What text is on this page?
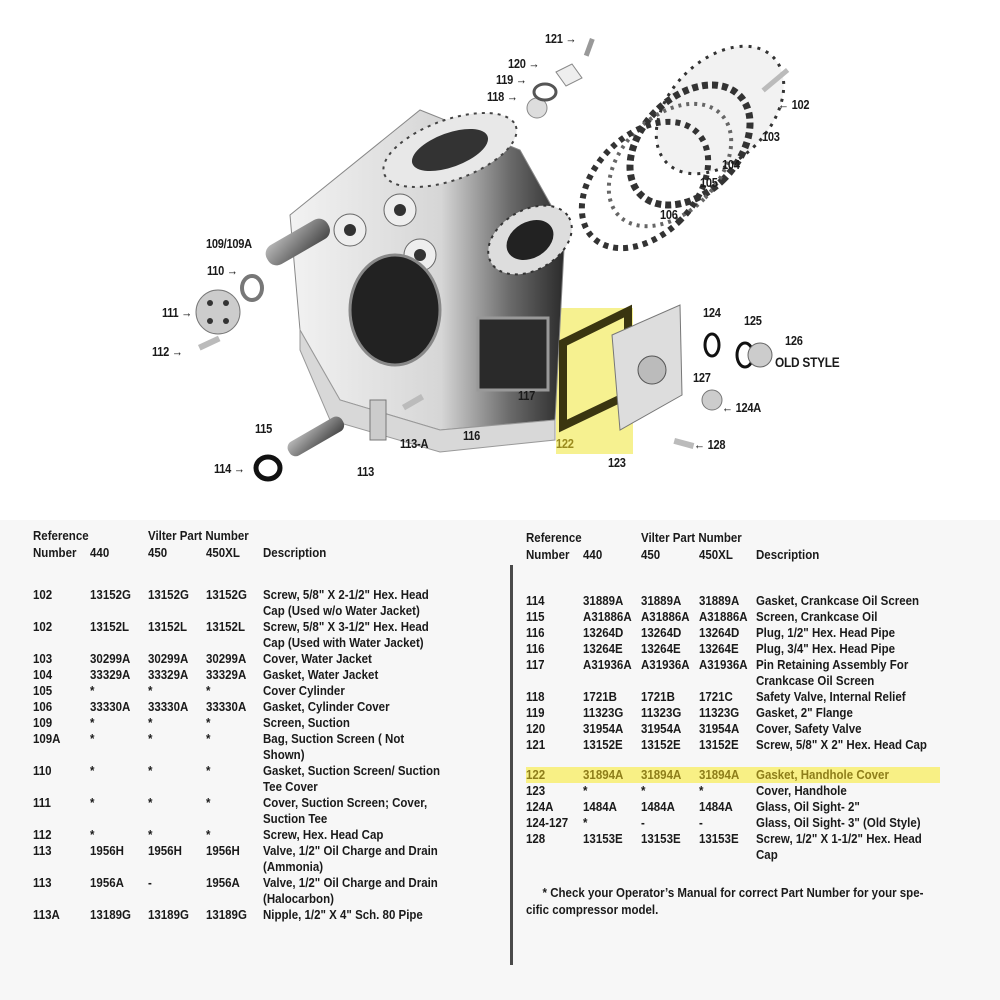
121 →
120 →
119 →
118 →
← 102
103
104
105
106
109/109A
110 →
111 →
112 →
115
114 →	113
113-A
116
117
122
123
124
125
126
OLD STYLE
127
← 124A
← 128
Reference	Vilter Part Number
Number 440	450	450XL Description
102	13152G 13152G 13152G Screw, 5/8" X 2-1/2" Hex. Head
Cap (Used w/o Water Jacket)
102	13152L 13152L 13152L Screw, 5/8" X 3-1/2" Hex. Head
Cap (Used with Water Jacket)
103	30299A 30299A 30299A Cover, Water Jacket
104	33329A 33329A 33329A Gasket, Water Jacket
105	*	*	*	Cover Cylinder
106	33330A 33330A 33330A Gasket, Cylinder Cover
109	*	*	*	Screen, Suction
109A *	*	*	Bag, Suction Screen ( Not
Shown)
110	*	*	*	Gasket, Suction Screen/ Suction
Tee Cover
111	*	*	*	Cover, Suction Screen; Cover,
Suction Tee
112	*	*	*	Screw, Hex. Head Cap
113	1956H 1956H 1956H Valve, 1/2" Oil Charge and Drain
(Ammonia)
113	1956A -	1956A Valve, 1/2" Oil Charge and Drain
(Halocarbon)
113A 13189G 13189G 13189G Nipple, 1/2" X 4" Sch. 80 Pipe
Reference	Vilter Part Number
Number 440	450	450XL Description
114	31889A 31889A 31889A Gasket, Crankcase Oil Screen
115	A31886A A31886A A31886A Screen, Crankcase Oil
116	13264D 13264D 13264D Plug, 1/2" Hex. Head Pipe
116	13264E 13264E 13264E Plug, 3/4" Hex. Head Pipe
117	A31936A A31936A A31936A Pin Retaining Assembly For
Crankcase Oil Screen
118	1721B 1721B 1721C Safety Valve, Internal Relief
119	11323G 11323G 11323G Gasket, 2" Flange
120	31954A 31954A 31954A Cover, Safety Valve
121	13152E 13152E 13152E Screw, 5/8" X 2" Hex. Head Cap
122	31894A 31894A 31894A Gasket, Handhole Cover
123	*	*	*	Cover, Handhole
124A 1484A 1484A 1484A Glass, Oil Sight- 2"
124-127 *	-	-	Glass, Oil Sight- 3" (Old Style)
128	13153E 13153E 13153E Screw, 1/2" X 1-1/2" Hex. Head
Cap
* Check your Operator’s Manual for correct Part Number for your spe- cific compressor model.
